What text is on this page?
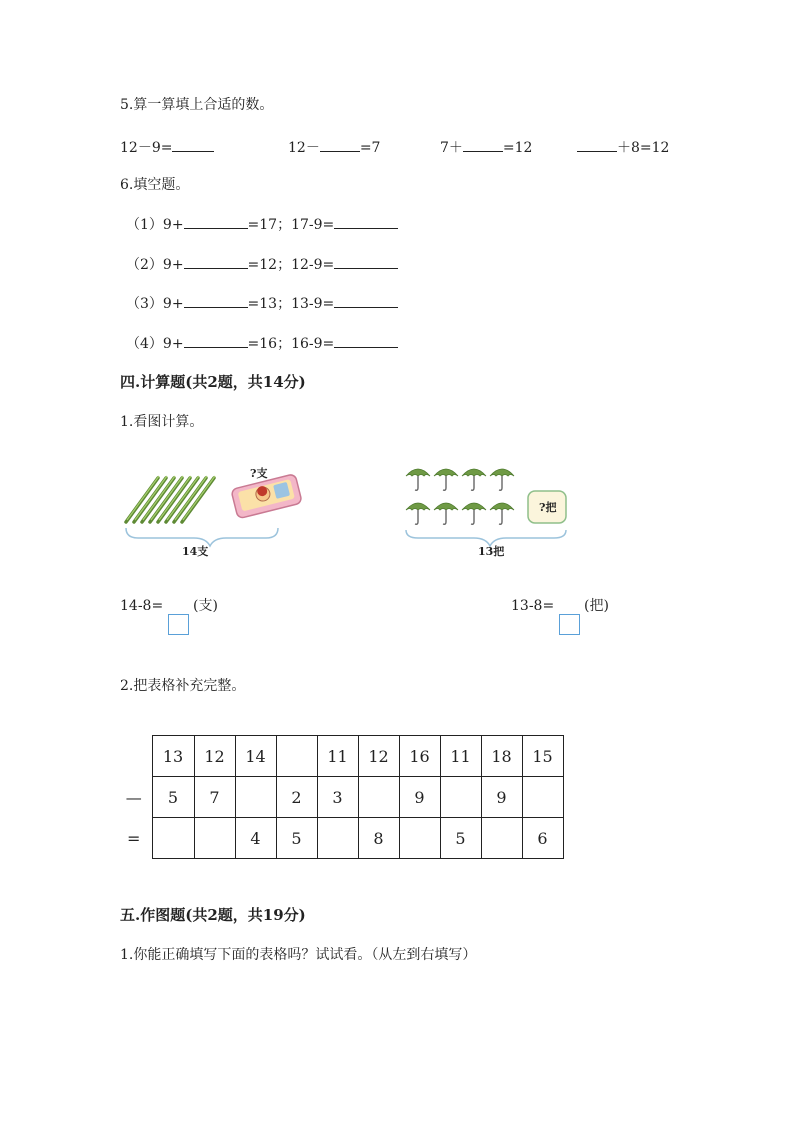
5.算一算填上合适的数。
12－9=	12－	=7	7＋	=12	＋8=12
6.填空题。
（1）9+	=17；17-9=
（2）9+	=12；12-9=
（3）9+	=13；13-9=
（4）9+	=16；16-9=
四.计算题(共2题，共14分)
1.看图计算。
?支
14支
?把
13把
14-8= (支)	13-8= (把)
2.把表格补充完整。
	13	12	14		11	12	16	11	18	15
—	5	7		2	3		9		9	
=			4	5		8		5		6
五.作图题(共2题，共19分)
1.你能正确填写下面的表格吗？试试看。（从左到右填写）
